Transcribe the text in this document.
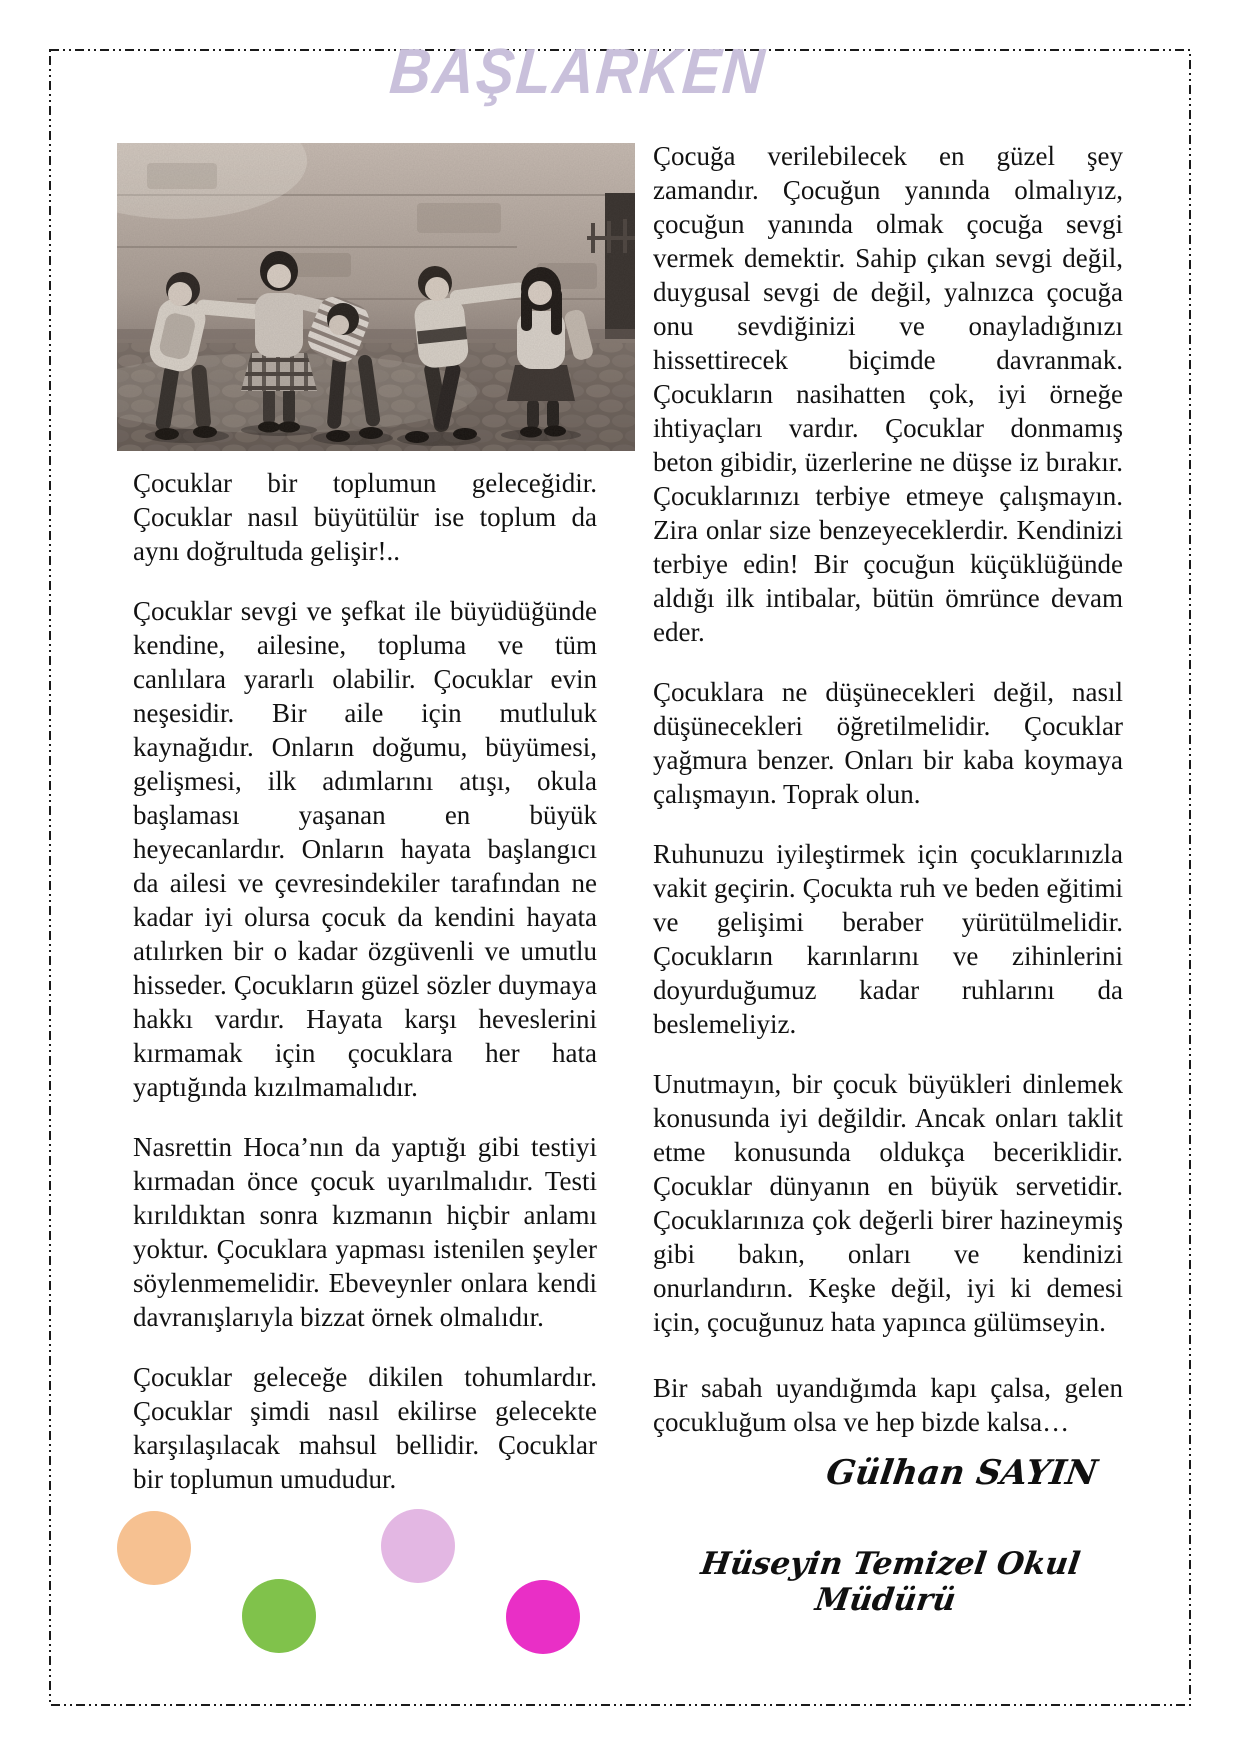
BAŞLARKEN

Çocuklar bir toplumun geleceğidir. Çocuklar nasıl büyütülür ise toplum da aynı doğrultuda gelişir!..

Çocuklar sevgi ve şefkat ile büyüdüğünde kendine, ailesine, topluma ve tüm canlılara yararlı olabilir. Çocuklar evin neşesidir. Bir aile için mutluluk kaynağıdır. Onların doğumu, büyümesi, gelişmesi, ilk adımlarını atışı, okula başlaması yaşanan en büyük heyecanlardır. Onların hayata başlangıcı da ailesi ve çevresindekiler tarafından ne kadar iyi olursa çocuk da kendini hayata atılırken bir o kadar özgüvenli ve umutlu hisseder. Çocukların güzel sözler duymaya hakkı vardır. Hayata karşı heveslerini kırmamak için çocuklara her hata yaptığında kızılmamalıdır.

Nasrettin Hoca’nın da yaptığı gibi testiyi kırmadan önce çocuk uyarılmalıdır. Testi kırıldıktan sonra kızmanın hiçbir anlamı yoktur. Çocuklara yapması istenilen şeyler söylenmemelidir. Ebeveynler onlara kendi davranışlarıyla bizzat örnek olmalıdır.

Çocuklar geleceğe dikilen tohumlardır. Çocuklar şimdi nasıl ekilirse gelecekte karşılaşılacak mahsul bellidir. Çocuklar bir toplumun umududur.

Çocuğa verilebilecek en güzel şey zamandır. Çocuğun yanında olmalıyız, çocuğun yanında olmak çocuğa sevgi vermek demektir. Sahip çıkan sevgi değil, duygusal sevgi de değil, yalnızca çocuğa onu sevdiğinizi ve onayladığınızı hissettirecek biçimde davranmak. Çocukların nasihatten çok, iyi örneğe ihtiyaçları vardır. Çocuklar donmamış beton gibidir, üzerlerine ne düşse iz bırakır. Çocuklarınızı terbiye etmeye çalışmayın. Zira onlar size benzeyeceklerdir. Kendinizi terbiye edin! Bir çocuğun küçüklüğünde aldığı ilk intibalar, bütün ömrünce devam eder.

Çocuklara ne düşünecekleri değil, nasıl düşünecekleri öğretilmelidir. Çocuklar yağmura benzer. Onları bir kaba koymaya çalışmayın. Toprak olun.

Ruhunuzu iyileştirmek için çocuklarınızla vakit geçirin. Çocukta ruh ve beden eğitimi ve gelişimi beraber yürütülmelidir. Çocukların karınlarını ve zihinlerini doyurduğumuz kadar ruhlarını da beslemeliyiz.

Unutmayın, bir çocuk büyükleri dinlemek konusunda iyi değildir. Ancak onları taklit etme konusunda oldukça beceriklidir. Çocuklar dünyanın en büyük servetidir. Çocuklarınıza çok değerli birer hazineymiş gibi bakın, onları ve kendinizi onurlandırın. Keşke değil, iyi ki demesi için, çocuğunuz hata yapınca gülümseyin.

Bir sabah uyandığımda kapı çalsa, gelen çocukluğum olsa ve hep bizde kalsa…

Gülhan SAYIN
Hüseyin Temizel Okul Müdürü
